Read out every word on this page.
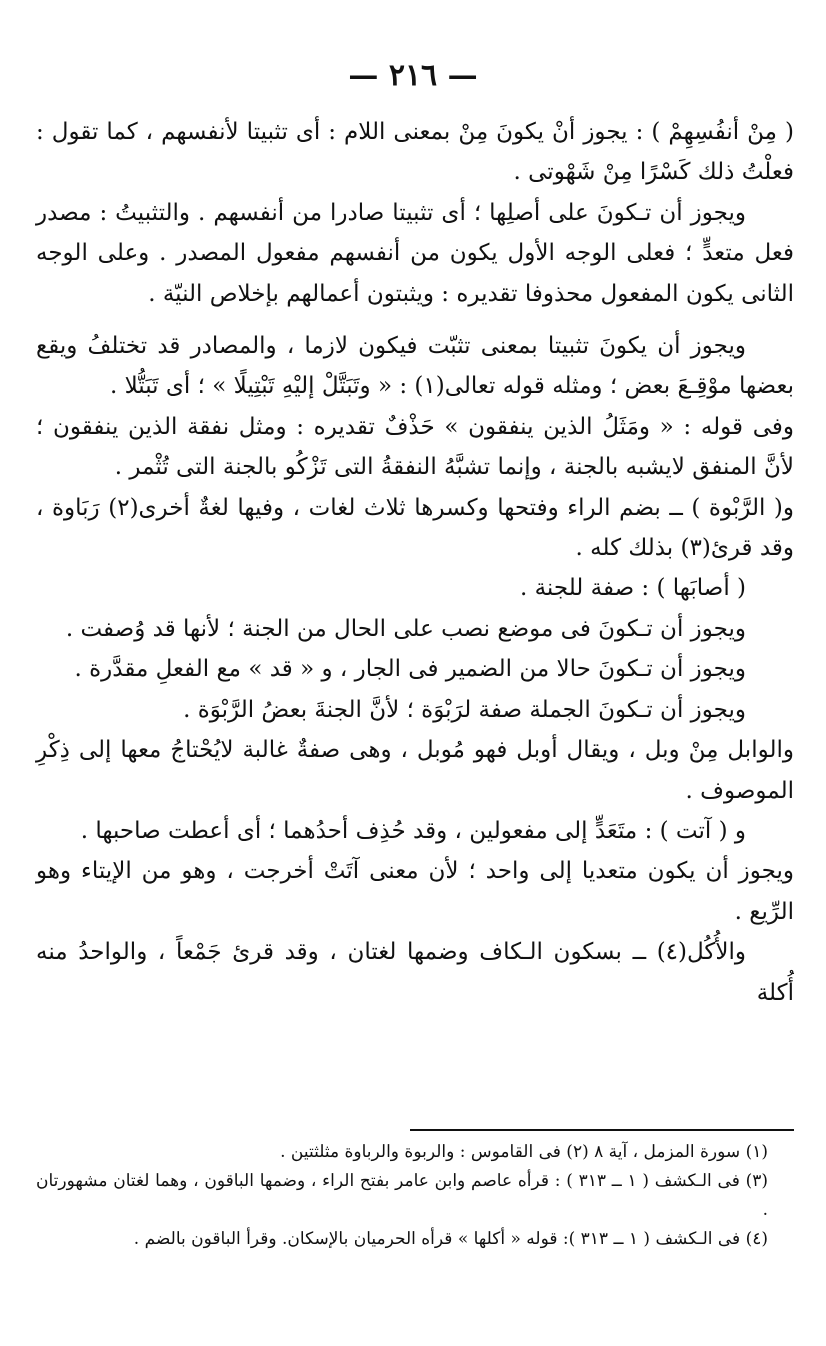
— ٢١٦ —

( مِنْ أنفُسِهِمْ ) : يجوز أنْ يكونَ مِنْ بمعنى اللام : أى تثبيتا لأنفسهم ، كما تقول : فعلْتُ ذلك كَسْرًا مِنْ شَهْوتى .

ويجوز أن تـكونَ على أصلِها ؛ أى تثبيتا صادرا من أنفسهم . والتثبيتُ : مصدر فعل متعدٍّ ؛ فعلى الوجه الأول يكون من أنفسهم مفعول المصدر . وعلى الوجه الثانى يكون المفعول محذوفا تقديره : ويثبتون أعمالهم بإخلاص النيّة .

ويجوز أن يكونَ تثبيتا بمعنى تثبّت فيكون لازما ، والمصادر قد تختلفُ ويقع بعضها موْقِـعَ بعض ؛ ومثله قوله تعالى(١) : « وتَبَتَّلْ إليْهِ تَبْتِيلًا » ؛ أى تَبَتُّلا .

وفى قوله : « ومَثَلُ الذين ينفقون » حَذْفٌ تقديره : ومثل نفقة الذين ينفقون ؛ لأنَّ المنفق لايشبه بالجنة ، وإنما تشبَّهُ النفقةُ التى تَزْكُو بالجنة التى تُثْمر .

و( الرَّبْوة ) ــ بضم الراء وفتحها وكسرها ثلاث لغات ، وفيها لغةٌ أخرى(٢) رَبَاوة ، وقد قرئ(٣) بذلك كله .

( أصابَها ) : صفة للجنة .

ويجوز أن تـكونَ فى موضع نصب على الحال من الجنة ؛ لأنها قد وُصفت .

ويجوز أن تـكونَ حالا من الضمير فى الجار ، و « قد » مع الفعلِ مقدَّرة .

ويجوز أن تـكونَ الجملة صفة لرَبْوَة ؛ لأنَّ الجنةَ بعضُ الرَّبْوَة .

والوابل مِنْ وبل ، ويقال أوبل فهو مُوبل ، وهى صفةٌ غالبة لايُحْتاجُ معها إلى ذِكْرِ الموصوف .

و ( آتت ) : متَعَدٍّ إلى مفعولين ، وقد حُذِف أحدُهما ؛ أى أعطت صاحبها .

ويجوز أن يكون متعديا إلى واحد ؛ لأن معنى آتَتْ أخرجت ، وهو من الإيتاء وهو الرِّيع .

والأُكُل(٤) ــ بسكون الـكاف وضمها لغتان ، وقد قرئ جَمْعاً ، والواحدُ منه أُكلة

(١) سورة المزمل ، آية ٨ (٢) فى القاموس : والربوة والرباوة مثلثتين .

(٣) فى الـكشف ( ١ ــ ٣١٣ ) : قرأه عاصم وابن عامر بفتح الراء ، وضمها الباقون ، وهما لغتان مشهورتان .

(٤) فى الـكشف ( ١ ــ ٣١٣ ): قوله « أكلها » قرأه الحرميان بالإسكان. وقرأ الباقون بالضم .
